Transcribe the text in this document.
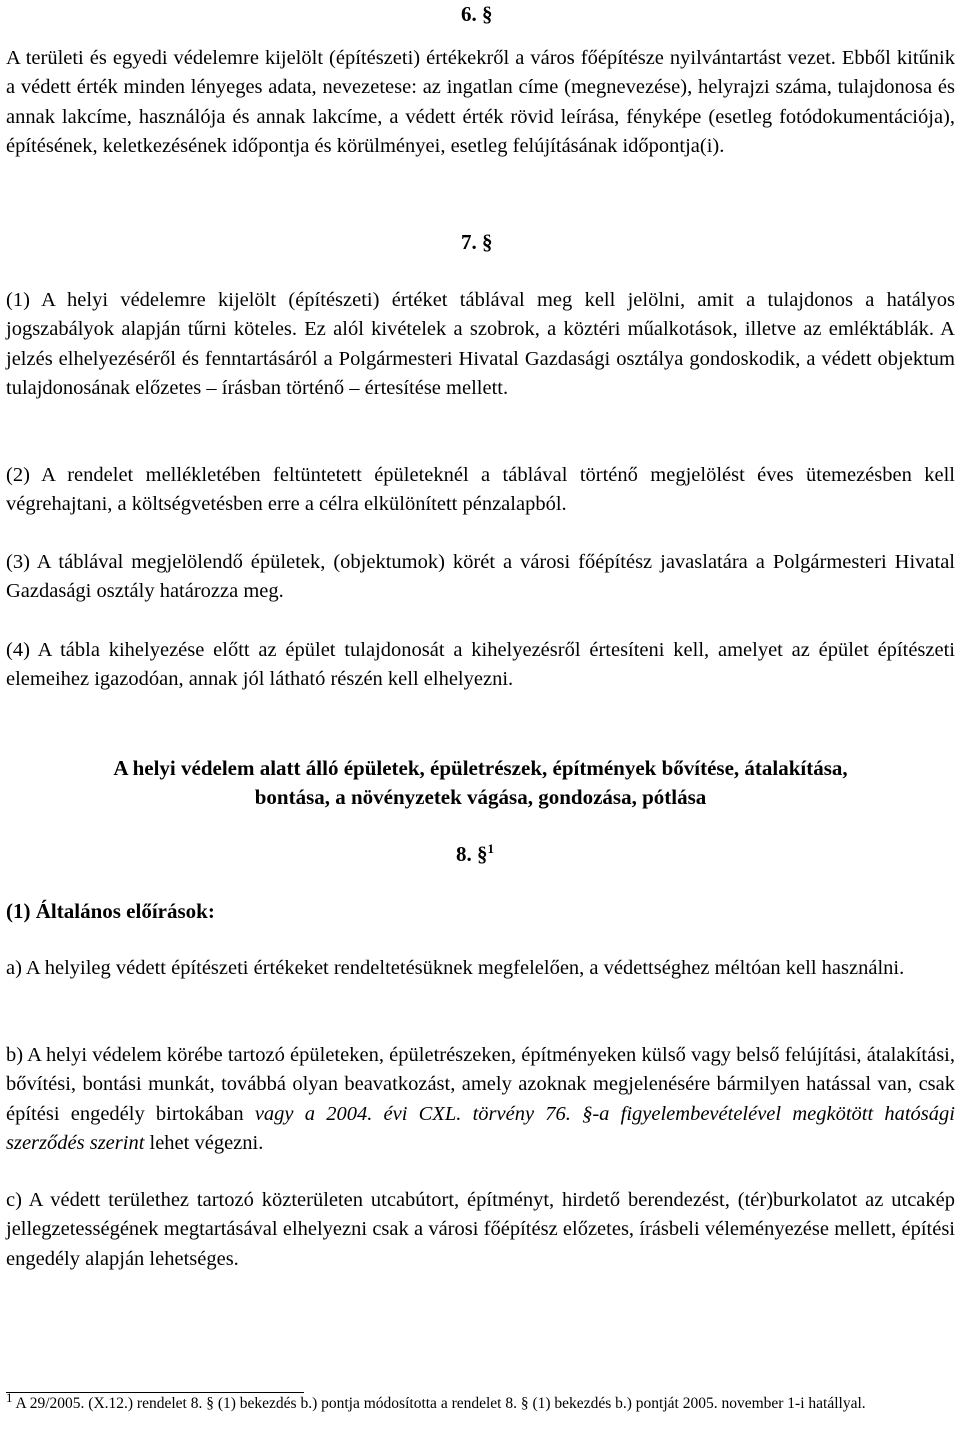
6. §

A területi és egyedi védelemre kijelölt (építészeti) értékekről a város főépítésze nyilvántartást vezet. Ebből kitűnik a védett érték minden lényeges adata, nevezetese: az ingatlan címe (megnevezése), helyrajzi száma, tulajdonosa és annak lakcíme, használója és annak lakcíme, a védett érték rövid leírása, fényképe (esetleg fotódokumentációja), építésének, keletkezésének időpontja és körülményei, esetleg felújításának időpontja(i).

7. §

(1) A helyi védelemre kijelölt (építészeti) értéket táblával meg kell jelölni, amit a tulajdonos a hatályos jogszabályok alapján tűrni köteles. Ez alól kivételek a szobrok, a köztéri műalkotások, illetve az emléktáblák. A jelzés elhelyezéséről és fenntartásáról a Polgármesteri Hivatal Gazdasági osztálya gondoskodik, a védett objektum tulajdonosának előzetes – írásban történő – értesítése mellett.

(2) A rendelet mellékletében feltüntetett épületeknél a táblával történő megjelölést éves ütemezésben kell végrehajtani, a költségvetésben erre a célra elkülönített pénzalapból.

(3) A táblával megjelölendő épületek, (objektumok) körét a városi főépítész javaslatára a Polgármesteri Hivatal Gazdasági osztály határozza meg.

(4) A tábla kihelyezése előtt az épület tulajdonosát a kihelyezésről értesíteni kell, amelyet az épület építészeti elemeihez igazodóan, annak jól látható részén kell elhelyezni.

A helyi védelem alatt álló épületek, épületrészek, építmények bővítése, átalakítása,
bontása, a növényzetek vágása, gondozása, pótlása
8. §$^1$
(1) Általános előírások:

a) A helyileg védett építészeti értékeket rendeltetésüknek megfelelően, a védettséghez méltóan kell használni.

b) A helyi védelem körébe tartozó épületeken, épületrészeken, építményeken külső vagy belső felújítási, átalakítási, bővítési, bontási munkát, továbbá olyan beavatkozást, amely azoknak megjelenésére bármilyen hatással van, csak építési engedély birtokában vagy a 2004. évi CXL. törvény 76. §-a figyelembevételével megkötött hatósági szerződés szerint lehet végezni.

c) A védett területhez tartozó közterületen utcabútort, építményt, hirdető berendezést, (tér)burkolatot az utcakép jellegzetességének megtartásával elhelyezni csak a városi főépítész előzetes, írásbeli véleményezése mellett, építési engedély alapján lehetséges.

$^1$ A 29/2005. (X.12.) rendelet 8. § (1) bekezdés b.) pontja módosította a rendelet 8. § (1) bekezdés b.) pontját 2005. november 1-i hatállyal.
